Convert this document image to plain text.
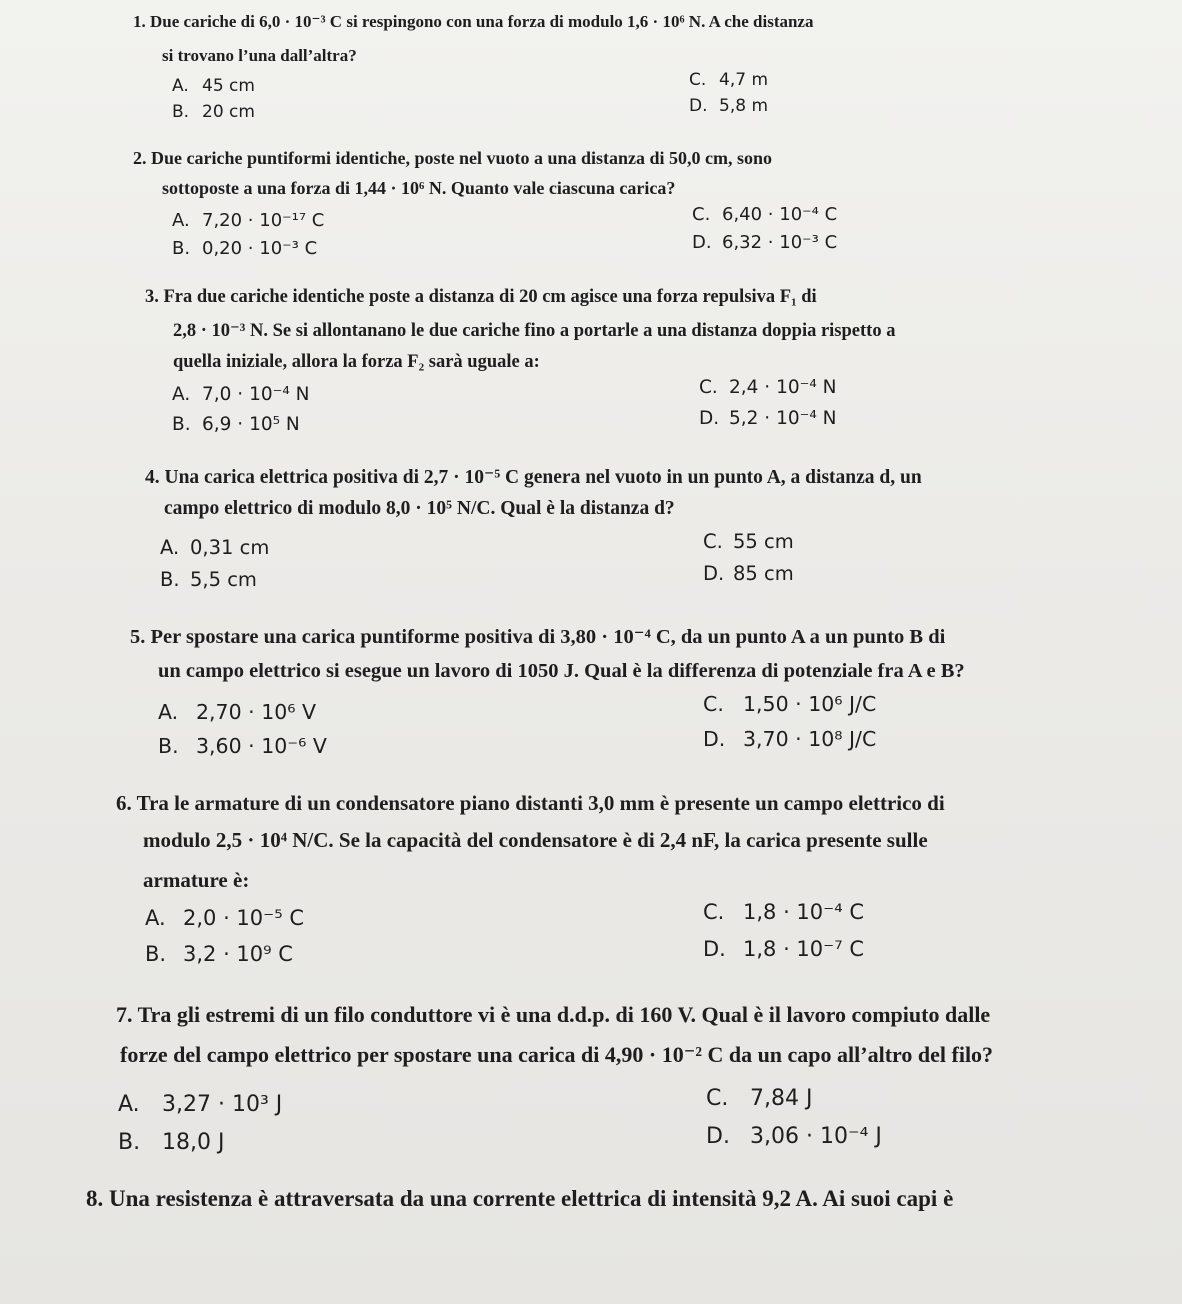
1. Due cariche di 6,0 · 10⁻³ C si respingono con una forza di modulo 1,6 · 10⁶ N. A che distanza
si trovano l’una dall’altra?
A. 45 cm
B. 20 cm
C. 4,7 m
D. 5,8 m
2. Due cariche puntiformi identiche, poste nel vuoto a una distanza di 50,0 cm, sono
sottoposte a una forza di 1,44 · 10⁶ N. Quanto vale ciascuna carica?
A. 7,20 · 10⁻¹⁷ C
B. 0,20 · 10⁻³ C
C. 6,40 · 10⁻⁴ C
D. 6,32 · 10⁻³ C
3. Fra due cariche identiche poste a distanza di 20 cm agisce una forza repulsiva F₁ di
2,8 · 10⁻³ N. Se si allontanano le due cariche fino a portarle a una distanza doppia rispetto a
quella iniziale, allora la forza F₂ sarà uguale a:
A. 7,0 · 10⁻⁴ N
B. 6,9 · 10⁵ N
C. 2,4 · 10⁻⁴ N
D. 5,2 · 10⁻⁴ N
4. Una carica elettrica positiva di 2,7 · 10⁻⁵ C genera nel vuoto in un punto A, a distanza d, un
campo elettrico di modulo 8,0 · 10⁵ N/C. Qual è la distanza d?
A. 0,31 cm
B. 5,5 cm
C. 55 cm
D. 85 cm
5. Per spostare una carica puntiforme positiva di 3,80 · 10⁻⁴ C, da un punto A a un punto B di
un campo elettrico si esegue un lavoro di 1050 J. Qual è la differenza di potenziale fra A e B?
A. 2,70 · 10⁶ V
B. 3,60 · 10⁻⁶ V
C. 1,50 · 10⁶ J/C
D. 3,70 · 10⁸ J/C
6. Tra le armature di un condensatore piano distanti 3,0 mm è presente un campo elettrico di
modulo 2,5 · 10⁴ N/C. Se la capacità del condensatore è di 2,4 nF, la carica presente sulle
armature è:
A. 2,0 · 10⁻⁵ C
B. 3,2 · 10⁹ C
C. 1,8 · 10⁻⁴ C
D. 1,8 · 10⁻⁷ C
7. Tra gli estremi di un filo conduttore vi è una d.d.p. di 160 V. Qual è il lavoro compiuto dalle
forze del campo elettrico per spostare una carica di 4,90 · 10⁻² C da un capo all’altro del filo?
A. 3,27 · 10³ J
B. 18,0 J
C. 7,84 J
D. 3,06 · 10⁻⁴ J
8. Una resistenza è attraversata da una corrente elettrica di intensità 9,2 A. Ai suoi capi è
